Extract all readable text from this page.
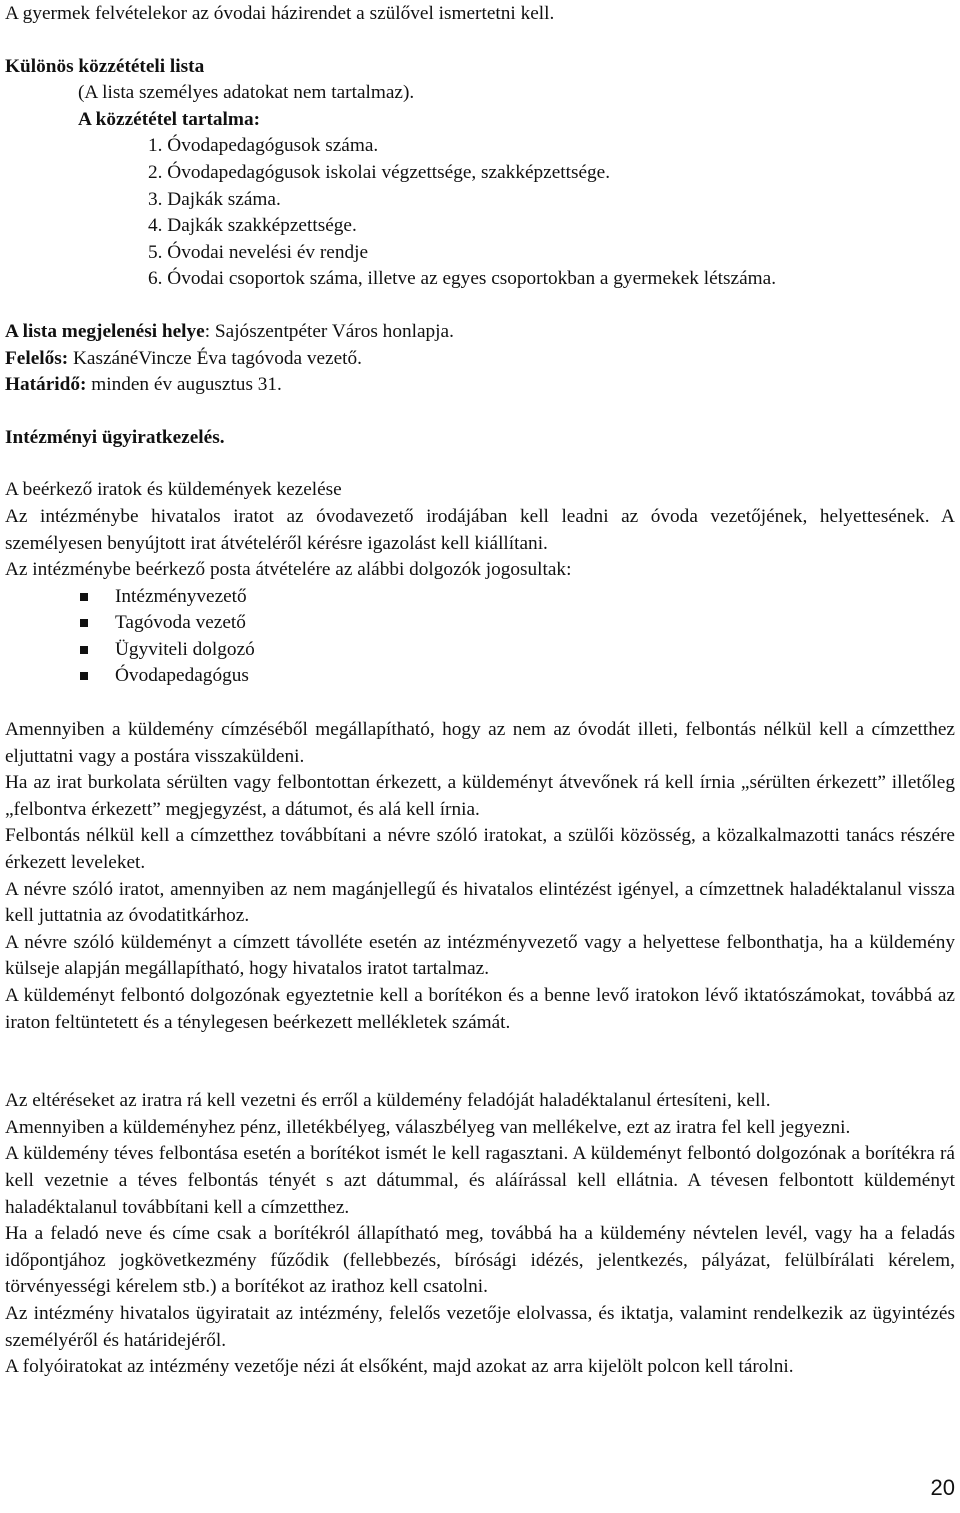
A gyermek felvételekor az óvodai házirendet a szülővel ismertetni kell.

Különös közzétételi lista

(A lista személyes adatokat nem tartalmaz).

A közzététel tartalma:

1. Óvodapedagógusok száma.

2. Óvodapedagógusok iskolai végzettsége, szakképzettsége.

3. Dajkák száma.

4. Dajkák szakképzettsége.

5. Óvodai nevelési év rendje

6. Óvodai csoportok száma, illetve az egyes csoportokban a gyermekek létszáma.

A lista megjelenési helye: Sajószentpéter Város honlapja.

Felelős: KaszánéVincze Éva tagóvoda vezető.

Határidő: minden év augusztus 31.

Intézményi ügyiratkezelés.

A beérkező iratok és küldemények kezelése

Az intézménybe hivatalos iratot az óvodavezető irodájában kell leadni az óvoda vezetőjének, helyettesének. A személyesen benyújtott irat átvételéről kérésre igazolást kell kiállítani.

Az intézménybe beérkező posta átvételére az alábbi dolgozók jogosultak:

Intézményvezető
Tagóvoda vezető
Ügyviteli dolgozó
Óvodapedagógus

Amennyiben a küldemény címzéséből megállapítható, hogy az nem az óvodát illeti, felbontás nélkül kell a címzetthez eljuttatni vagy a postára visszaküldeni.

Ha az irat burkolata sérülten vagy felbontottan érkezett, a küldeményt átvevőnek rá kell írnia „sérülten érkezett” illetőleg „felbontva érkezett” megjegyzést, a dátumot, és alá kell írnia.

Felbontás nélkül kell a címzetthez továbbítani a névre szóló iratokat, a szülői közösség, a közalkalmazotti tanács részére érkezett leveleket.

A névre szóló iratot, amennyiben az nem magánjellegű és hivatalos elintézést igényel, a címzettnek haladéktalanul vissza kell juttatnia az óvodatitkárhoz.

A névre szóló küldeményt a címzett távolléte esetén az intézményvezető vagy a helyettese felbonthatja, ha a küldemény külseje alapján megállapítható, hogy hivatalos iratot tartalmaz.

A küldeményt felbontó dolgozónak egyeztetnie kell a borítékon és a benne levő iratokon lévő iktatószámokat, továbbá az iraton feltüntetett és a ténylegesen beérkezett mellékletek számát.

Az eltéréseket az iratra rá kell vezetni és erről a küldemény feladóját haladéktalanul értesíteni, kell.

Amennyiben a küldeményhez pénz, illetékbélyeg, válaszbélyeg van mellékelve, ezt az iratra fel kell jegyezni.

A küldemény téves felbontása esetén a borítékot ismét le kell ragasztani. A küldeményt felbontó dolgozónak a borítékra rá kell vezetnie a téves felbontás tényét s azt dátummal, és aláírással kell ellátnia. A tévesen felbontott küldeményt haladéktalanul továbbítani kell a címzetthez.

Ha a feladó neve és címe csak a borítékról állapítható meg, továbbá ha a küldemény névtelen levél, vagy ha a feladás időpontjához jogkövetkezmény fűződik (fellebbezés, bírósági idézés, jelentkezés, pályázat, felülbírálati kérelem, törvényességi kérelem stb.) a borítékot az irathoz kell csatolni.

Az intézmény hivatalos ügyiratait az intézmény, felelős vezetője elolvassa, és iktatja, valamint rendelkezik az ügyintézés személyéről és határidejéről.

A folyóiratokat az intézmény vezetője nézi át elsőként, majd azokat az arra kijelölt polcon kell tárolni.

20
